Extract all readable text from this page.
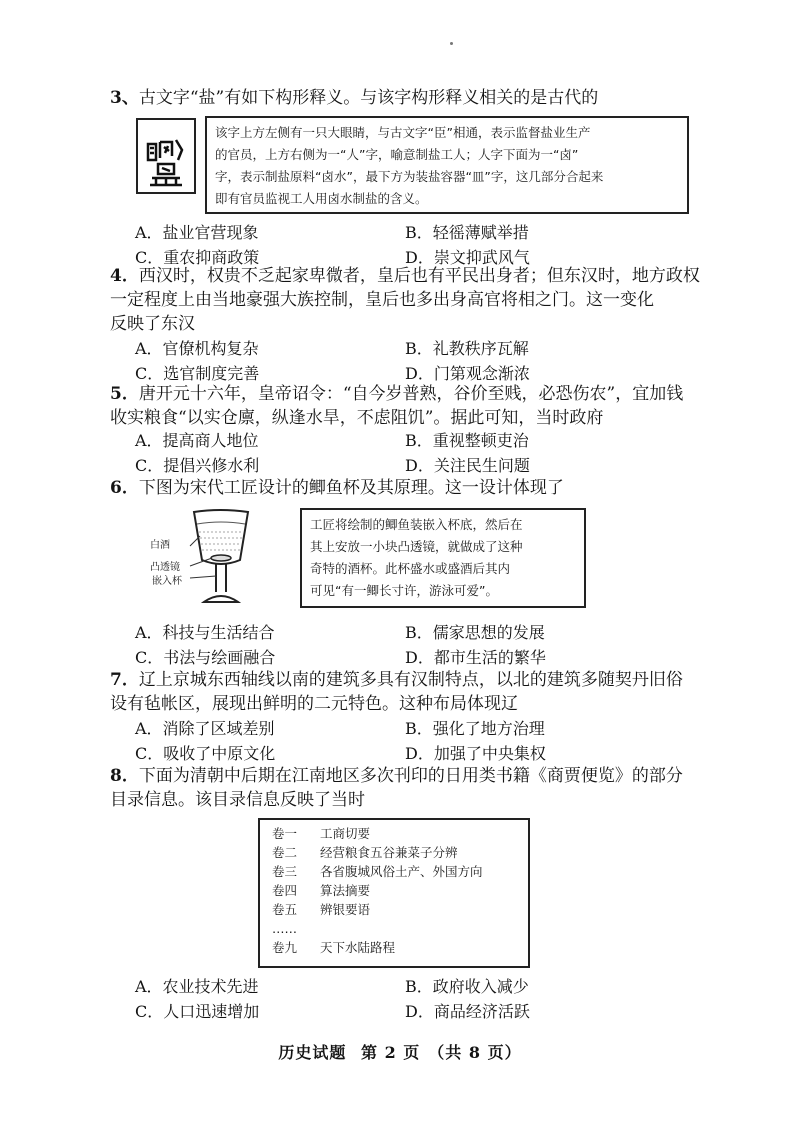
3、古文字“盐”有如下构形释义。与该字构形释义相关的是古代的

该字上方左侧有一只大眼睛，与古文字“臣”相通，表示监督盐业生产

的官员，上方右侧为一“人”字，喻意制盐工人；人字下面为一“卤”

字，表示制盐原料“卤水”，最下方为装盐容器“皿”字，这几部分合起来

即有官员监视工人用卤水制盐的含义。

A．盐业官营现象	B．轻徭薄赋举措
C．重农抑商政策	D．崇文抑武风气

4．西汉时，权贵不乏起家卑微者，皇后也有平民出身者；但东汉时，地方政权

一定程度上由当地豪强大族控制，皇后也多出身高官将相之门。这一变化

反映了东汉

A．官僚机构复杂	B．礼教秩序瓦解
C．选官制度完善	D．门第观念渐浓

5．唐开元十六年，皇帝诏令：“自今岁普熟，谷价至贱，必恐伤农”，宜加钱

收实粮食“以实仓廪，纵逢水旱，不虑阻饥”。据此可知，当时政府

A．提高商人地位	B．重视整顿吏治
C．提倡兴修水利	D．关注民生问题

6．下图为宋代工匠设计的鲫鱼杯及其原理。这一设计体现了

白酒
凸透镜
嵌入杯

工匠将绘制的鲫鱼装嵌入杯底，然后在

其上安放一小块凸透镜，就做成了这种

奇特的酒杯。此杯盛水或盛酒后其内

可见“有一鲫长寸许，游泳可爱”。

A．科技与生活结合	B．儒家思想的发展
C．书法与绘画融合	D．都市生活的繁华

7．辽上京城东西轴线以南的建筑多具有汉制特点，以北的建筑多随契丹旧俗

设有毡帐区，展现出鲜明的二元特色。这种布局体现辽

A．消除了区域差别	B．强化了地方治理
C．吸收了中原文化	D．加强了中央集权

8．下面为清朝中后期在江南地区多次刊印的日用类书籍《商贾便览》的部分

目录信息。该目录信息反映了当时

卷一	工商切要
卷二	经营粮食五谷兼菜子分辨
卷三	各省腹城风俗土产、外国方向
卷四	算法摘要
卷五	辨银要语
……
卷九	天下水陆路程
A．农业技术先进	B．政府收入减少
C．人口迅速增加	D．商品经济活跃
历史试题 第 2 页 （共 8 页）
